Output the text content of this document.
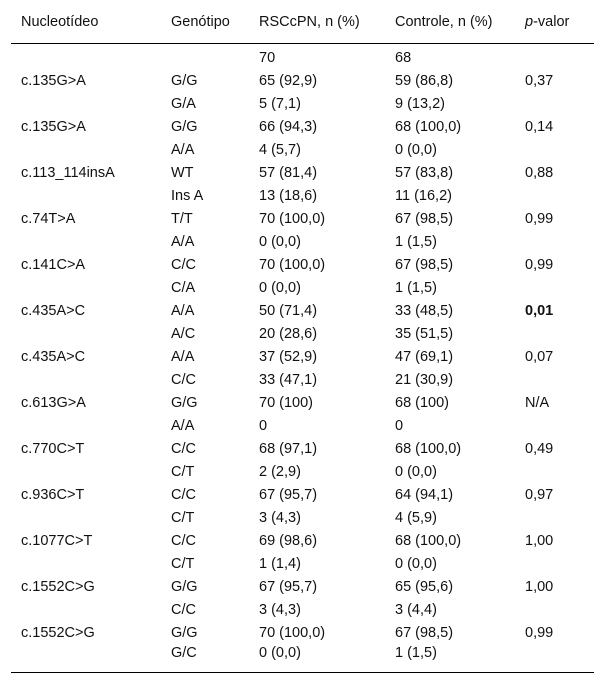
Nucleotídeo	Genótipo	RSCcPN, n (%)	Controle, n (%)	p-valor
		70	68	
c.135G>A	G/G	65 (92,9)	59 (86,8)	0,37
	G/A	5 (7,1)	9 (13,2)	
c.135G>A	G/G	66 (94,3)	68 (100,0)	0,14
	A/A	4 (5,7)	0 (0,0)	
c.113_114insA	WT	57 (81,4)	57 (83,8)	0,88
	Ins A	13 (18,6)	11 (16,2)	
c.74T>A	T/T	70 (100,0)	67 (98,5)	0,99
	A/A	0 (0,0)	1 (1,5)	
c.141C>A	C/C	70 (100,0)	67 (98,5)	0,99
	C/A	0 (0,0)	1 (1,5)	
c.435A>C	A/A	50 (71,4)	33 (48,5)	0,01
	A/C	20 (28,6)	35 (51,5)	
c.435A>C	A/A	37 (52,9)	47 (69,1)	0,07
	C/C	33 (47,1)	21 (30,9)	
c.613G>A	G/G	70 (100)	68 (100)	N/A
	A/A	0	0	
c.770C>T	C/C	68 (97,1)	68 (100,0)	0,49
	C/T	2 (2,9)	0 (0,0)	
c.936C>T	C/C	67 (95,7)	64 (94,1)	0,97
	C/T	3 (4,3)	4 (5,9)	
c.1077C>T	C/C	69 (98,6)	68 (100,0)	1,00
	C/T	1 (1,4)	0 (0,0)	
c.1552C>G	G/G	67 (95,7)	65 (95,6)	1,00
	C/C	3 (4,3)	3 (4,4)	
c.1552C>G	G/G	70 (100,0)	67 (98,5)	0,99
	G/C	0 (0,0)	1 (1,5)	
